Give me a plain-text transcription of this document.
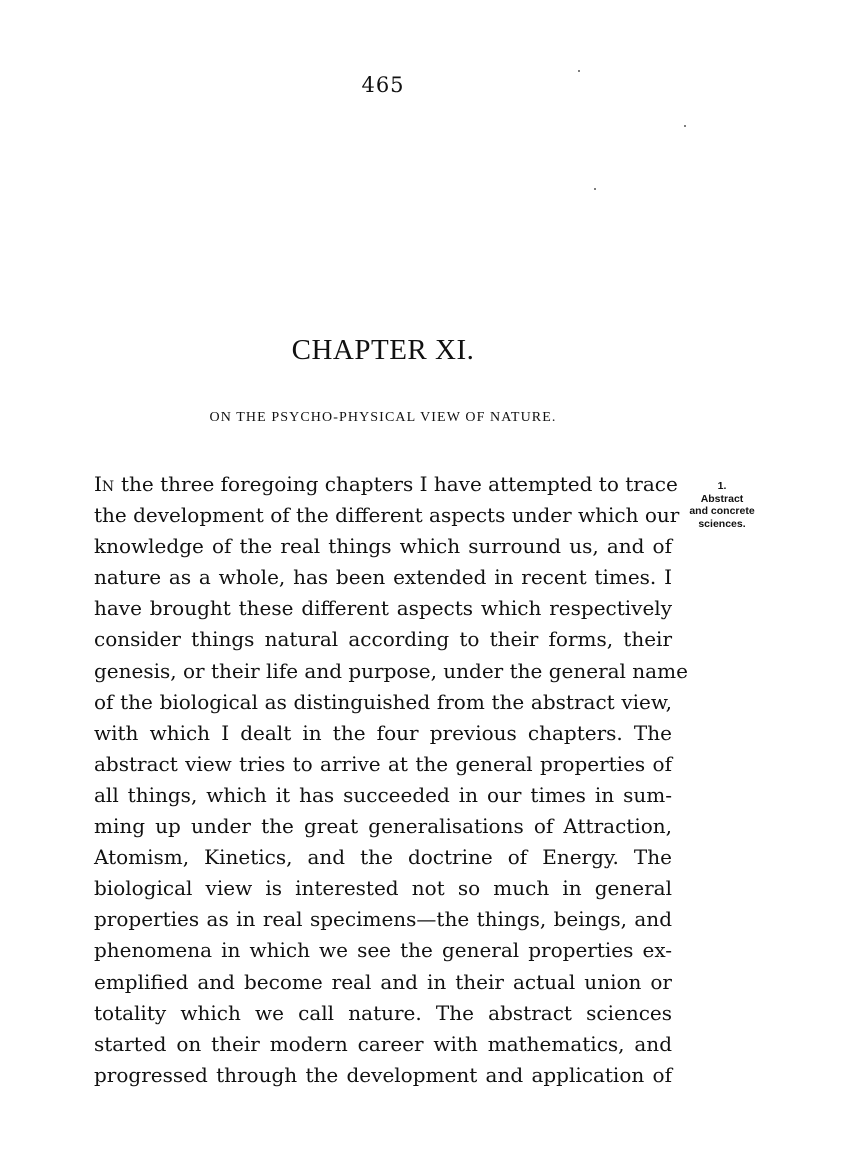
465
CHAPTER XI.
ON THE PSYCHO-PHYSICAL VIEW OF NATURE.
1.
Abstract
and concrete
sciences.
IN the three foregoing chapters I have attempted to trace
the development of the different aspects under which our
knowledge of the real things which surround us, and of
nature as a whole, has been extended in recent times. I
have brought these different aspects which respectively
consider things natural according to their forms, their
genesis, or their life and purpose, under the general name
of the biological as distinguished from the abstract view,
with which I dealt in the four previous chapters. The
abstract view tries to arrive at the general properties of
all things, which it has succeeded in our times in sum-
ming up under the great generalisations of Attraction,
Atomism, Kinetics, and the doctrine of Energy. The
biological view is interested not so much in general
properties as in real specimens—the things, beings, and
phenomena in which we see the general properties ex-
emplified and become real and in their actual union or
totality which we call nature. The abstract sciences
started on their modern career with mathematics, and
progressed through the development and application of
